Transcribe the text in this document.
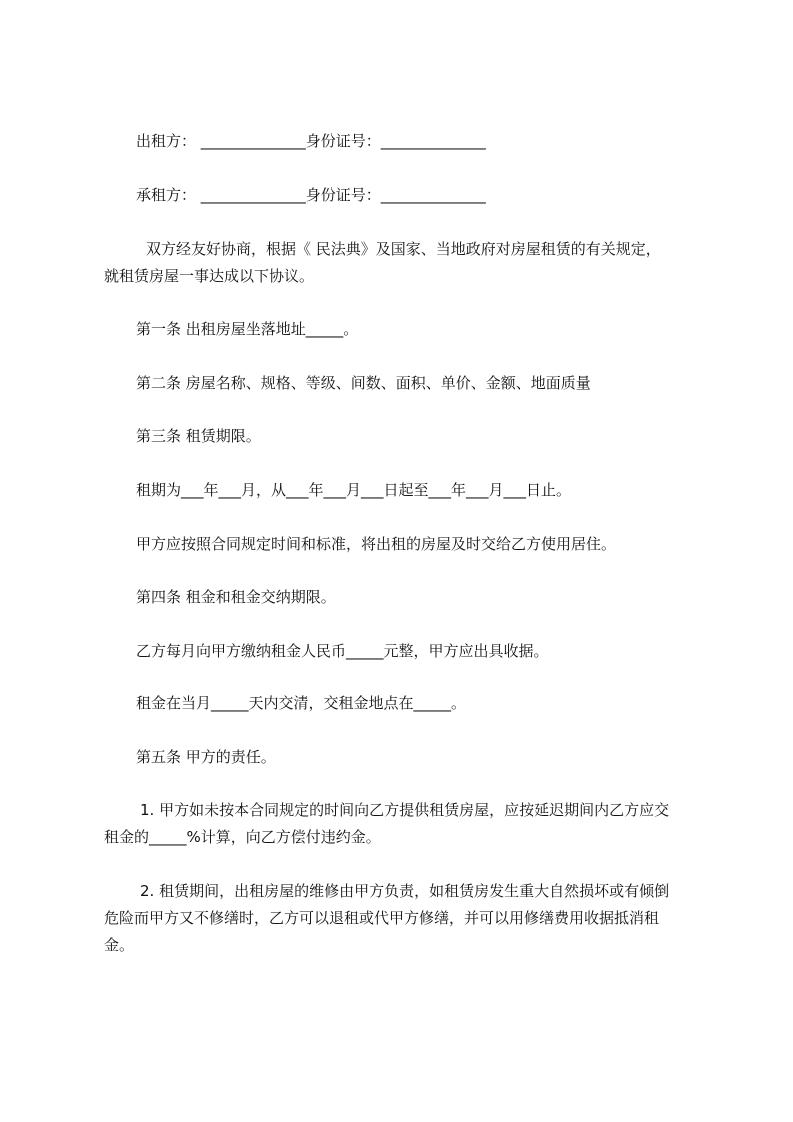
出租方： ______________身份证号：______________
承租方： ______________身份证号：______________
双方经友好协商，根据《 民法典》及国家、当地政府对房屋租赁的有关规定，
就租赁房屋一事达成以下协议。
第一条 出租房屋坐落地址_____。
第二条 房屋名称、规格、等级、间数、面积、单价、金额、地面质量
第三条 租赁期限。
租期为___年___月，从___年___月___日起至___年___月___日止。
甲方应按照合同规定时间和标准，将出租的房屋及时交给乙方使用居住。
第四条 租金和租金交纳期限。
乙方每月向甲方缴纳租金人民币_____元整，甲方应出具收据。
租金在当月_____天内交清，交租金地点在_____。
第五条 甲方的责任。
1. 甲方如未按本合同规定的时间向乙方提供租赁房屋，应按延迟期间内乙方应交
租金的_____%计算，向乙方偿付违约金。
2. 租赁期间，出租房屋的维修由甲方负责，如租赁房发生重大自然损坏或有倾倒
危险而甲方又不修缮时，乙方可以退租或代甲方修缮，并可以用修缮费用收据抵消租
金。
